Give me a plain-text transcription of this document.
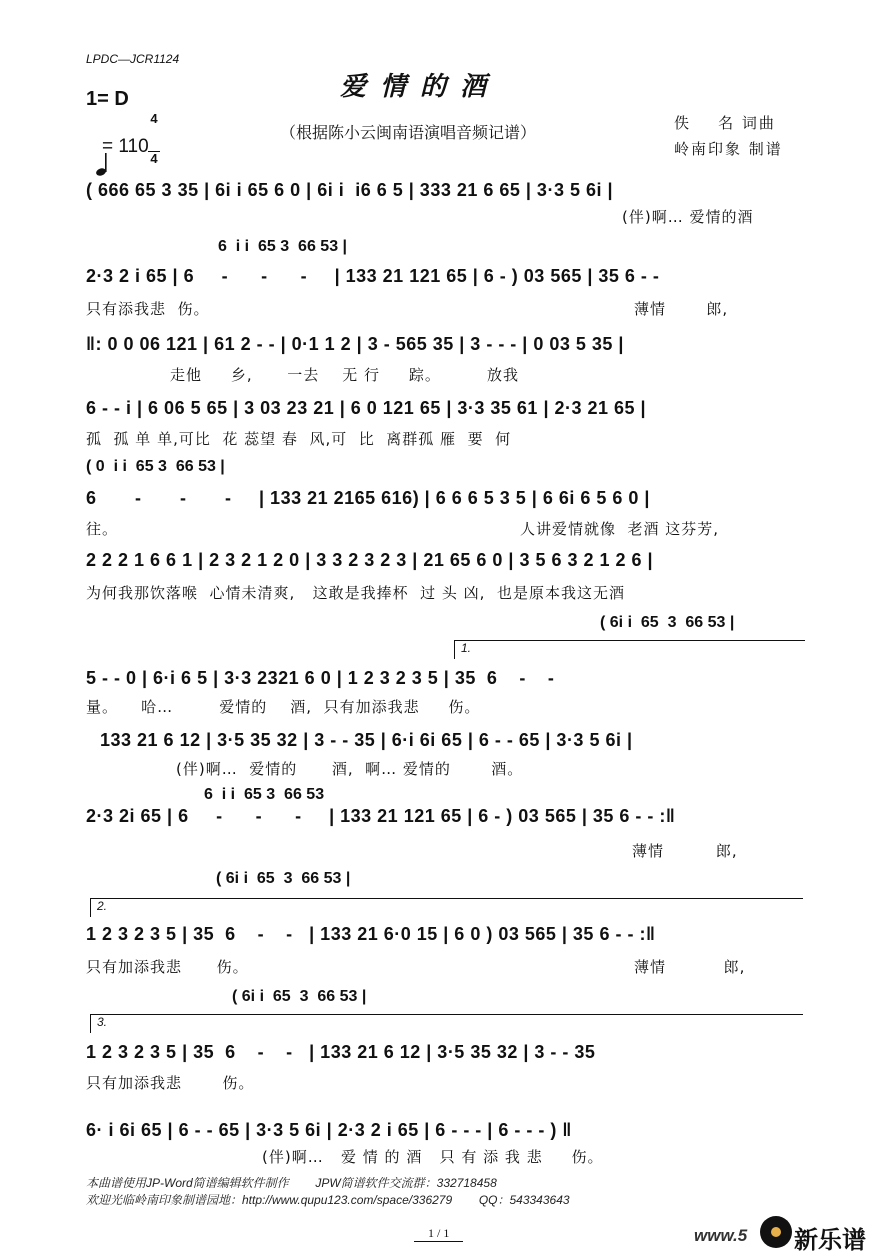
LPDC—JCR1124
爱情的酒
（根据陈小云闽南语演唱音频记谱）
1= D

$\frac{4}{4}$

= 110
佚    名 词曲
岭南印象 制谱
( 666 65 3 35 | 6i i 65 6 0 | 6i i  i6 6 5 | 333 21 6 65 | 3·3 5 6i |
(伴)啊… 爱情的酒
6  i i  65 3  66 53 |
2·3 2 i 65 | 6     -      -      -     | 133 21 121 65 | 6 - ) 03 565 | 35 6 - -
只有添我悲  伤。	薄情       郎,
‖: 0 0 06 121 | 61 2 - - | 0·1 1 2 | 3 - 565 35 | 3 - - - | 0 03 5 35 |
走他     乡,      一去    无 行     踪。        放我
6 - - i | 6 06 5 65 | 3 03 23 21 | 6 0 121 65 | 3·3 35 61 | 2·3 21 65 |
孤  孤 单 单,可比  花 蕊望 春  风,可  比  离群孤 雁  要  何
( 0  i i  65 3  66 53 |
6       -       -       -     | 133 21 2165 616) | 6 6 6 5 3 5 | 6 6i 6 5 6 0 |
往。	人讲爱情就像  老酒 这芬芳,
2 2 2 1 6 6 1 | 2 3 2 1 2 0 | 3 3 2 3 2 3 | 21 65 6 0 | 3 5 6 3 2 1 2 6 |
为何我那饮落喉  心情未清爽,   这敢是我捧杯  过 头 凶,  也是原本我这无酒
( 6i i  65  3  66 53 |
1.
5 - - 0 | 6·i 6 5 | 3·3 2321 6 0 | 1 2 3 2 3 5 | 35  6    -    -
量。    哈…        爱情的    酒,  只有加添我悲     伤。
133 21 6 12 | 3·5 35 32 | 3 - - 35 | 6·i 6i 65 | 6 - - 65 | 3·3 5 6i |
(伴)啊…  爱情的      酒,  啊… 爱情的       酒。
6  i i  65 3  66 53
2·3 2i 65 | 6     -      -      -     | 133 21 121 65 | 6 - ) 03 565 | 35 6 - - :‖
薄情         郎,
( 6i i  65  3  66 53 |
2.
1 2 3 2 3 5 | 35  6    -    -   | 133 21 6·0 15 | 6 0 ) 03 565 | 35 6 - - :‖
只有加添我悲      伤。	薄情          郎,
( 6i i  65  3  66 53 |
3.
1 2 3 2 3 5 | 35  6    -    -   | 133 21 6 12 | 3·5 35 32 | 3 - - 35
只有加添我悲       伤。
6· i 6i 65 | 6 - - 65 | 3·3 5 6i | 2·3 2 i 65 | 6 - - - | 6 - - - ) ‖
(伴)啊…   爱 情 的 酒   只 有 添 我 悲     伤。
本曲谱使用JP-Word简谱编辑软件制作        JPW简谱软件交流群：332718458
欢迎光临岭南印象制谱园地：http://www.qupu123.com/space/336279        QQ：543343643
1 / 1	www.5 新乐谱
